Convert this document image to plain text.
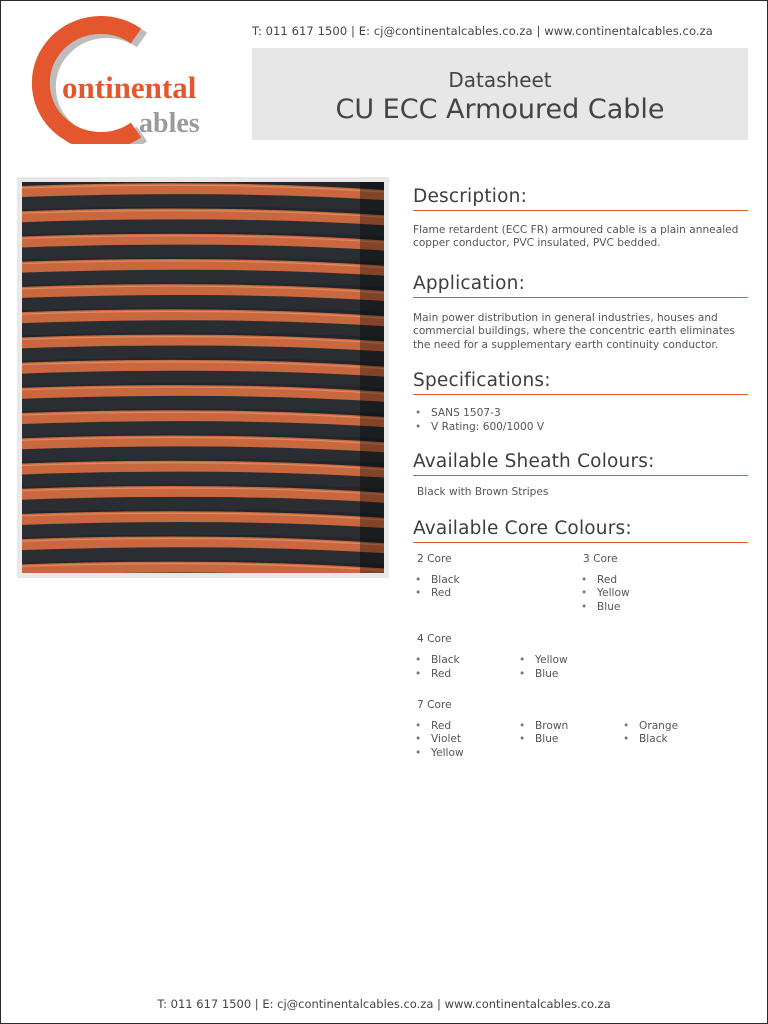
ontinental
ables
T: 011 617 1500 | E: cj@continentalcables.co.za | www.continentalcables.co.za
Datasheet
CU ECC Armoured Cable
Description:

Flame retardent (ECC FR) armoured cable is a plain annealed copper conductor, PVC insulated, PVC bedded.

Application:

Main power distribution in general industries, houses and commercial buildings, where the concentric earth eliminates the need for a supplementary earth continuity conductor.

Specifications:
• SANS 1507-3
• V Rating: 600/1000 V
Available Sheath Colours:

Black with Brown Stripes

Available Core Colours:
2 Core
• Black
• Red
3 Core
• Red
• Yellow
• Blue
4 Core
• Black
• Red
• Yellow
• Blue
7 Core
• Red
• Violet
• Yellow
• Brown
• Blue
• Orange
• Black
T: 011 617 1500 | E: cj@continentalcables.co.za | www.continentalcables.co.za
